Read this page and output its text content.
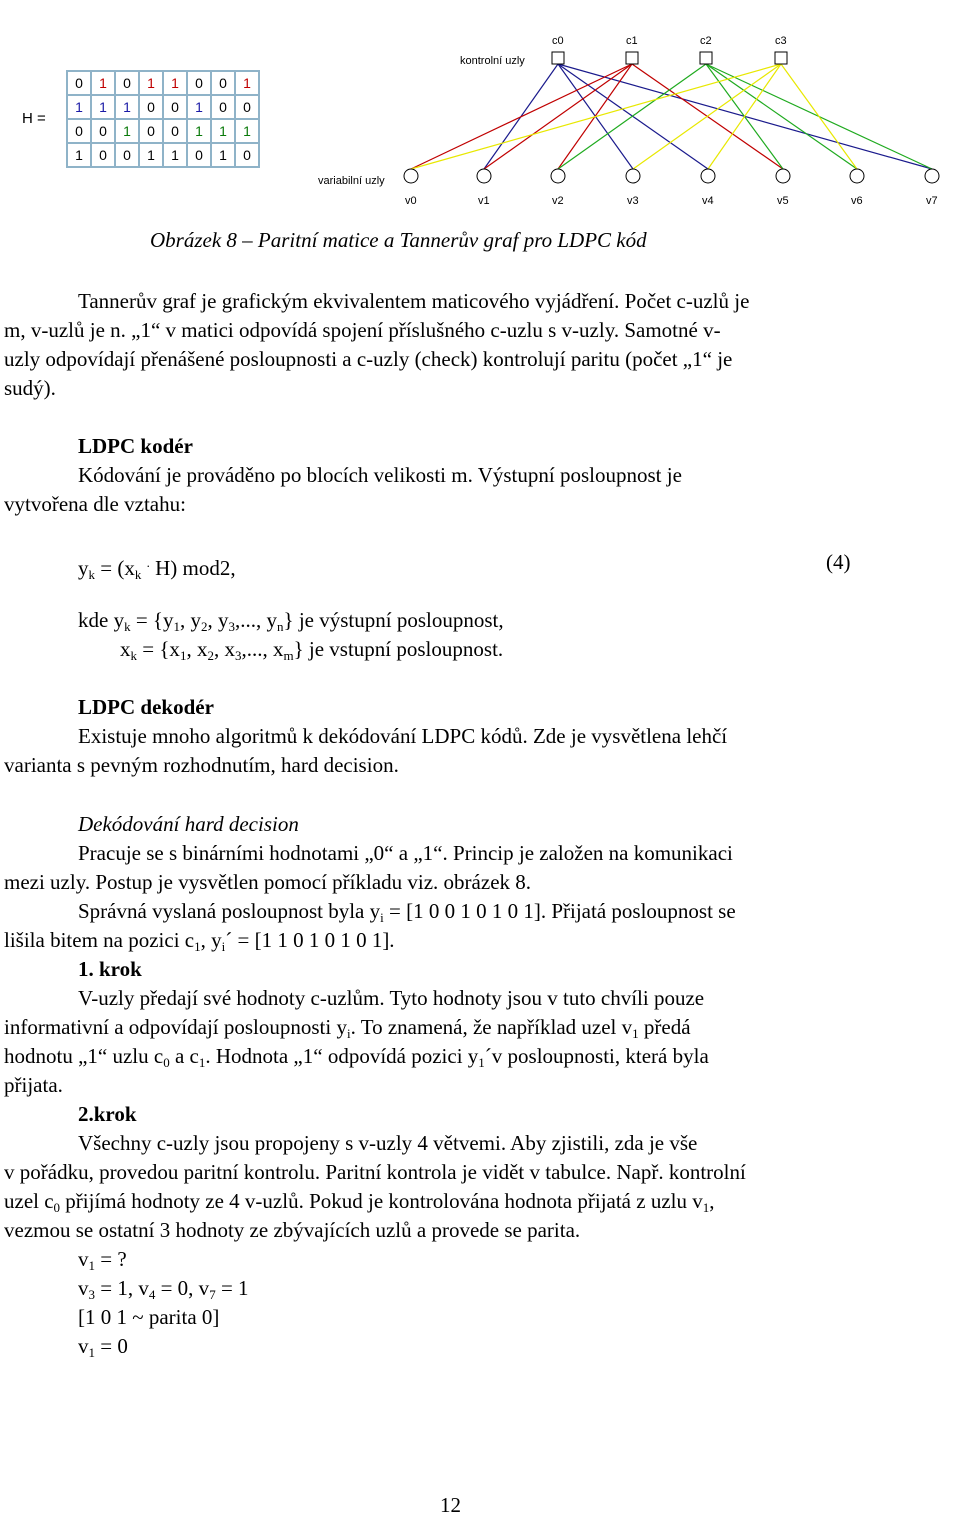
H =
0	1	0	1	1	0	0	1
1	1	1	0	0	1	0	0
0	0	1	0	0	1	1	1
1	0	0	1	1	0	1	0
c0	c1	c2	c3
v0	v1	v2	v3	v4	v5	v6	v7
kontrolní uzly
variabilní uzly
Obrázek 8 – Paritní matice a Tannerův graf pro LDPC kód
Tannerův graf je grafickým ekvivalentem maticového vyjádření. Počet c-uzlů je
m, v-uzlů je n. „1“ v matici odpovídá spojení příslušného c-uzlu s v-uzly. Samotné v-
uzly odpovídají přenášené posloupnosti a c-uzly (check) kontrolují paritu (počet „1“ je
sudý).
LDPC kodér
Kódování je prováděno po blocích velikosti m. Výstupní posloupnost je
vytvořena dle vztahu:
$y_k = (x_k$ . H) mod2,	(4)
kde $y_k = \{y_1$, $y_2$, $y_3$,..., $y_n$} je výstupní posloupnost,
$x_k = \{x_1$, $x_2$, $x_3$,..., $x_m$} je vstupní posloupnost.
LDPC dekodér
Existuje mnoho algoritmů k dekódování LDPC kódů. Zde je vysvětlena lehčí
varianta s pevným rozhodnutím, hard decision.
Dekódování hard decision
Pracuje se s binárními hodnotami „0“ a „1“. Princip je založen na komunikaci
mezi uzly. Postup je vysvětlen pomocí příkladu viz. obrázek 8.
Správná vyslaná posloupnost byla $y_i = [1$ 0 0 1 0 1 0 1]. Přijatá posloupnost se
lišila bitem na pozici $c_1$, $y_i´ = [1$ 1 0 1 0 1 0 1].
1. krok
V-uzly předají své hodnoty c-uzlům. Tyto hodnoty jsou v tuto chvíli pouze
informativní a odpovídají posloupnosti $y_i$. To znamená, že například uzel $v_1$ předá
hodnotu „1“ uzlu $c_0$ a $c_1$. Hodnota „1“ odpovídá pozici $y_1´v$ posloupnosti, která byla
přijata.
2.krok
Všechny c-uzly jsou propojeny s v-uzly 4 větvemi. Aby zjistili, zda je vše
v pořádku, provedou paritní kontrolu. Paritní kontrola je vidět v tabulce. Např. kontrolní
uzel $c_0$ přijímá hodnoty ze 4 v-uzlů. Pokud je kontrolována hodnota přijatá z uzlu $v_1$,
vezmou se ostatní 3 hodnoty ze zbývajících uzlů a provede se parita.
$v_1$ = ?
$v_3 = 1$, $v_4 = 0$, $v_7 = 1$
[1 0 1 ~ parita 0]
$v_1 = 0$
12
